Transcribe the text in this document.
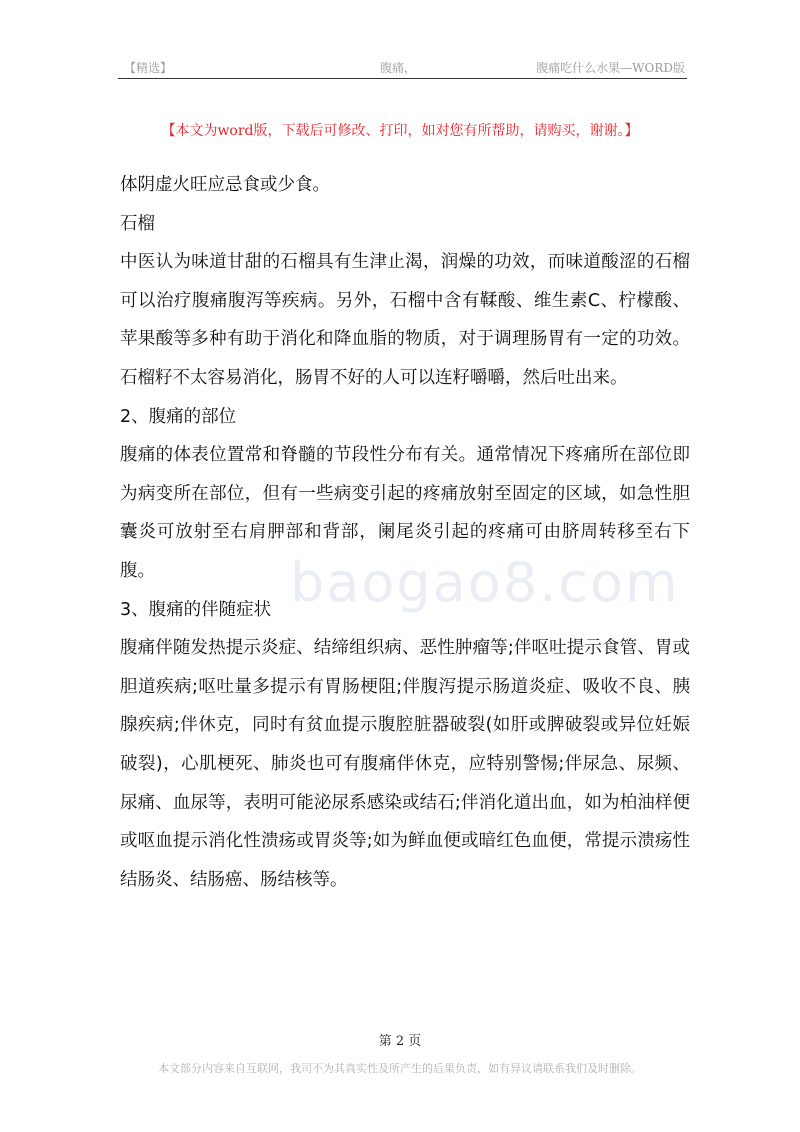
【精选】	腹痛，	腹痛吃什么水果—WORD版
【本文为word版，下载后可修改、打印，如对您有所帮助，请购买，谢谢。】
baogao8.com

体阴虚火旺应忌食或少食。

石榴

中医认为味道甘甜的石榴具有生津止渴，润燥的功效，而味道酸涩的石榴可以治疗腹痛腹泻等疾病。另外，石榴中含有鞣酸、维生素C、柠檬酸、苹果酸等多种有助于消化和降血脂的物质，对于调理肠胃有一定的功效。石榴籽不太容易消化，肠胃不好的人可以连籽嚼嚼，然后吐出来。

2、腹痛的部位

腹痛的体表位置常和脊髓的节段性分布有关。通常情况下疼痛所在部位即为病变所在部位，但有一些病变引起的疼痛放射至固定的区域，如急性胆囊炎可放射至右肩胛部和背部，阑尾炎引起的疼痛可由脐周转移至右下腹。

3、腹痛的伴随症状

腹痛伴随发热提示炎症、结缔组织病、恶性肿瘤等;伴呕吐提示食管、胃或胆道疾病;呕吐量多提示有胃肠梗阻;伴腹泻提示肠道炎症、吸收不良、胰腺疾病;伴休克，同时有贫血提示腹腔脏器破裂(如肝或脾破裂或异位妊娠破裂)，心肌梗死、肺炎也可有腹痛伴休克，应特别警惕;伴尿急、尿频、尿痛、血尿等，表明可能泌尿系感染或结石;伴消化道出血，如为柏油样便或呕血提示消化性溃疡或胃炎等;如为鲜血便或暗红色血便，常提示溃疡性结肠炎、结肠癌、肠结核等。

第 2 页
本文部分内容来自互联网，我司不为其真实性及所产生的后果负责，如有异议请联系我们及时删除。
